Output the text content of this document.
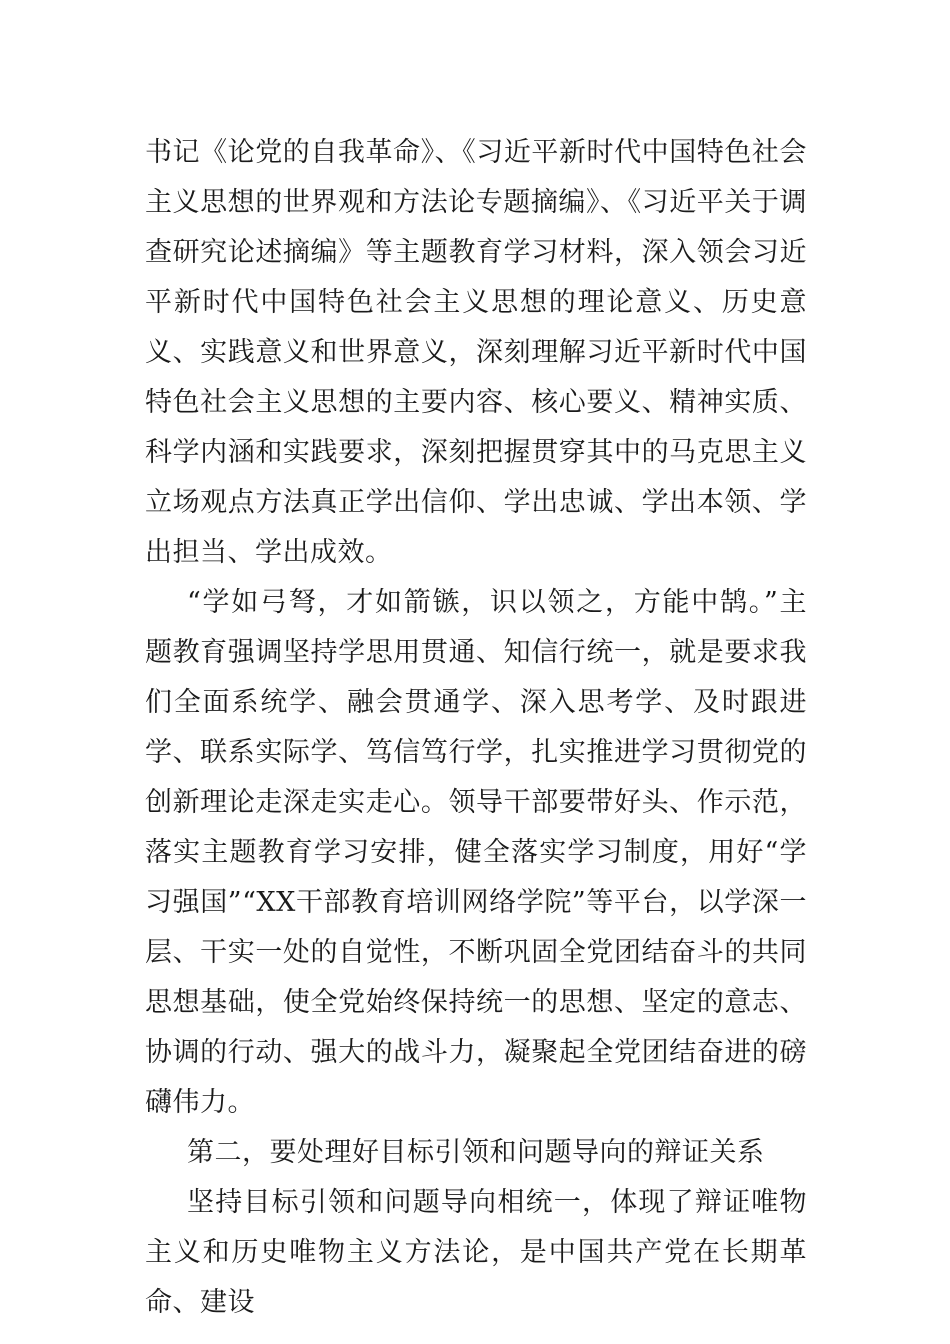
书记《论党的自我革命》、《习近平新时代中国特色社会主义思想的世界观和方法论专题摘编》、《习近平关于调查研究论述摘编》等主题教育学习材料，深入领会习近平新时代中国特色社会主义思想的理论意义、历史意义、实践意义和世界意义，深刻理解习近平新时代中国特色社会主义思想的主要内容、核心要义、精神实质、科学内涵和实践要求，深刻把握贯穿其中的马克思主义立场观点方法真正学出信仰、学出忠诚、学出本领、学出担当、学出成效。

“学如弓弩，才如箭镞，识以领之，方能中鹄。”主题教育强调坚持学思用贯通、知信行统一，就是要求我们全面系统学、融会贯通学、深入思考学、及时跟进学、联系实际学、笃信笃行学，扎实推进学习贯彻党的创新理论走深走实走心。领导干部要带好头、作示范，落实主题教育学习安排，健全落实学习制度，用好“学习强国”“XX干部教育培训网络学院”等平台，以学深一层、干实一处的自觉性，不断巩固全党团结奋斗的共同思想基础，使全党始终保持统一的思想、坚定的意志、协调的行动、强大的战斗力，凝聚起全党团结奋进的磅礴伟力。

第二，要处理好目标引领和问题导向的辩证关系

坚持目标引领和问题导向相统一，体现了辩证唯物主义和历史唯物主义方法论，是中国共产党在长期革命、建设
